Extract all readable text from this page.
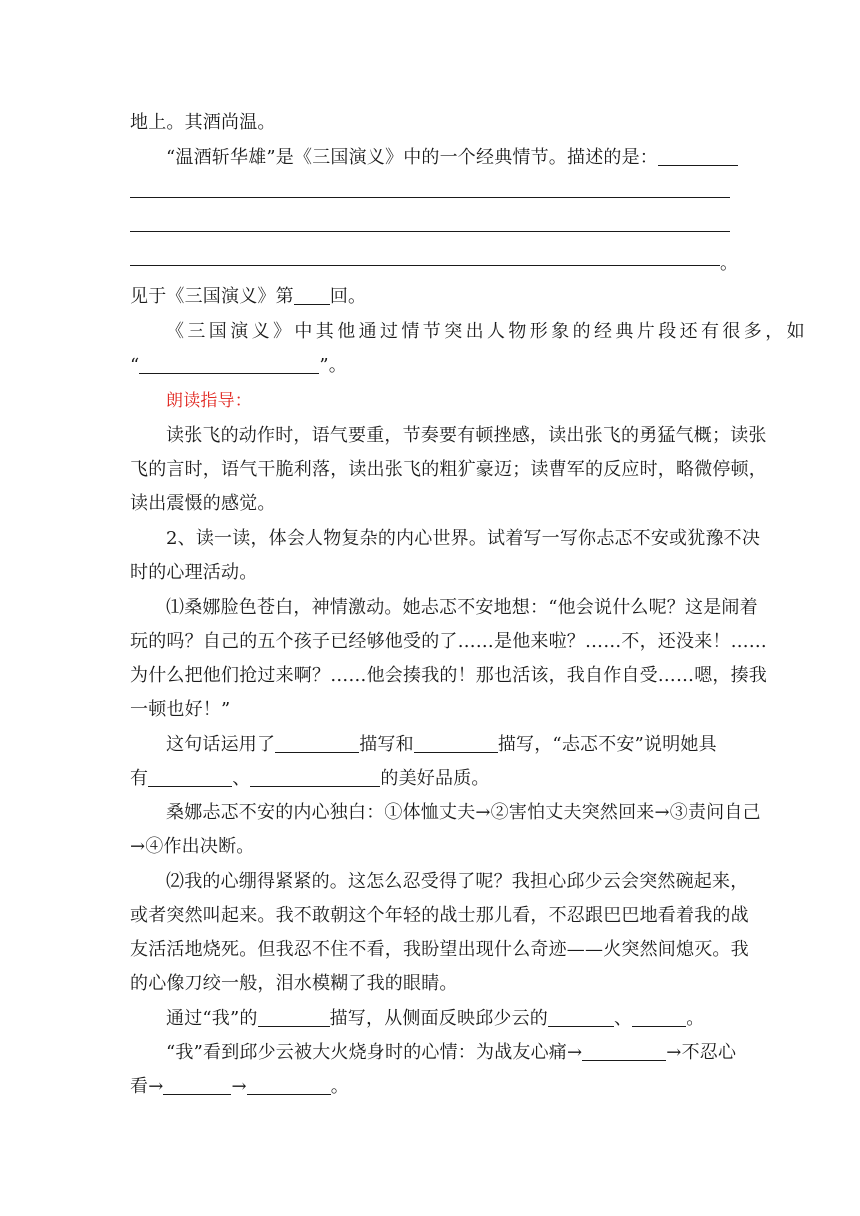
地上。其酒尚温。
“温酒斩华雄”是《三国演义》中的一个经典情节。描述的是：
。
见于《三国演义》第 回。
《三国演义》中其他通过情节突出人物形象的经典片段还有很多，如
“	”。
朗读指导：
读张飞的动作时，语气要重，节奏要有顿挫感，读出张飞的勇猛气概；读张
飞的言时，语气干脆利落，读出张飞的粗犷豪迈；读曹军的反应时，略微停顿，
读出震慑的感觉。
2、读一读，体会人物复杂的内心世界。试着写一写你忐忑不安或犹豫不决
时的心理活动。
⑴桑娜脸色苍白，神情激动。她忐忑不安地想：“他会说什么呢？这是闹着
玩的吗？自己的五个孩子已经够他受的了……是他来啦？……不，还没来！……
为什么把他们抢过来啊？……他会揍我的！那也活该，我自作自受……嗯，揍我
一顿也好！”
这句话运用了	描写和	描写，“忐忑不安”说明她具
有	、	的美好品质。
桑娜忐忑不安的内心独白：①体恤丈夫→②害怕丈夫突然回来→③责问自己
→④作出决断。
⑵我的心绷得紧紧的。这怎么忍受得了呢？我担心邱少云会突然碗起来，
或者突然叫起来。我不敢朝这个年轻的战士那儿看，不忍跟巴巴地看着我的战
友活活地烧死。但我忍不住不看，我盼望出现什么奇迹——火突然间熄灭。我
的心像刀绞一般，泪水模糊了我的眼睛。
通过“我”的	描写，从侧面反映邱少云的	、	。
“我”看到邱少云被大火烧身时的心情：为战友心痛→	→不忍心
看→	→	。
